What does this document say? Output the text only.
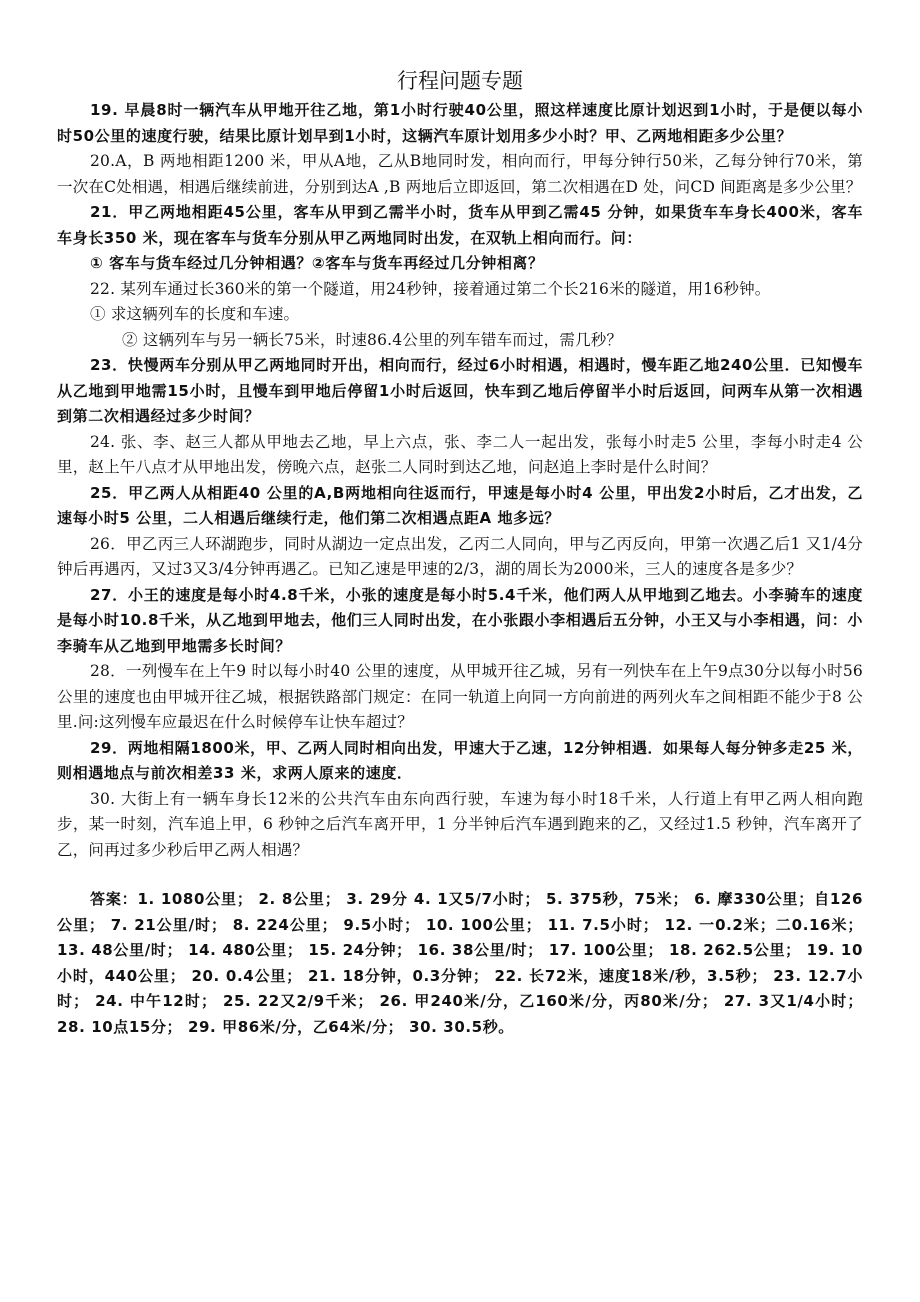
行程问题专题

19. 早晨8时一辆汽车从甲地开往乙地，第1小时行驶40公里，照这样速度比原计划迟到1小时，于是便以每小时50公里的速度行驶，结果比原计划早到1小时，这辆汽车原计划用多少小时？甲、乙两地相距多少公里？

20.A，B 两地相距1200 米，甲从A地，乙从B地同时发，相向而行，甲每分钟行50米，乙每分钟行70米，第一次在C处相遇，相遇后继续前进，分别到达A ,B 两地后立即返回，第二次相遇在D 处，问CD 间距离是多少公里？

21．甲乙两地相距45公里，客车从甲到乙需半小时，货车从甲到乙需45 分钟，如果货车车身长400米，客车车身长350 米，现在客车与货车分别从甲乙两地同时出发，在双轨上相向而行。问：

① 客车与货车经过几分钟相遇？②客车与货车再经过几分钟相离？

22. 某列车通过长360米的第一个隧道，用24秒钟，接着通过第二个长216米的隧道，用16秒钟。

① 求这辆列车的长度和车速。

② 这辆列车与另一辆长75米，时速86.4公里的列车错车而过，需几秒？

23．快慢两车分别从甲乙两地同时开出，相向而行，经过6小时相遇，相遇时，慢车距乙地240公里．已知慢车从乙地到甲地需15小时，且慢车到甲地后停留1小时后返回，快车到乙地后停留半小时后返回，问两车从第一次相遇到第二次相遇经过多少时间？

24. 张、李、赵三人都从甲地去乙地，早上六点，张、李二人一起出发，张每小时走5 公里，李每小时走4 公里，赵上午八点才从甲地出发，傍晚六点，赵张二人同时到达乙地，问赵追上李时是什么时间？

25．甲乙两人从相距40 公里的A,B两地相向往返而行，甲速是每小时4 公里，甲出发2小时后，乙才出发，乙速每小时5 公里，二人相遇后继续行走，他们第二次相遇点距A 地多远？

26．甲乙丙三人环湖跑步，同时从湖边一定点出发，乙丙二人同向，甲与乙丙反向，甲第一次遇乙后1 又1/4分钟后再遇丙，又过3又3/4分钟再遇乙。已知乙速是甲速的2/3，湖的周长为2000米，三人的速度各是多少？

27．小王的速度是每小时4.8千米，小张的速度是每小时5.4千米，他们两人从甲地到乙地去。小李骑车的速度是每小时10.8千米，从乙地到甲地去，他们三人同时出发，在小张跟小李相遇后五分钟，小王又与小李相遇，问：小李骑车从乙地到甲地需多长时间？

28．一列慢车在上午9 时以每小时40 公里的速度，从甲城开往乙城，另有一列快车在上午9点30分以每小时56公里的速度也由甲城开往乙城，根据铁路部门规定：在同一轨道上向同一方向前进的两列火车之间相距不能少于8 公里.问:这列慢车应最迟在什么时候停车让快车超过？

29．两地相隔1800米，甲、乙两人同时相向出发，甲速大于乙速，12分钟相遇．如果每人每分钟多走25 米，则相遇地点与前次相差33 米，求两人原来的速度．

30. 大街上有一辆车身长12米的公共汽车由东向西行驶，车速为每小时18千米，人行道上有甲乙两人相向跑步，某一时刻，汽车追上甲，6 秒钟之后汽车离开甲，1 分半钟后汽车遇到跑来的乙，又经过1.5 秒钟，汽车离开了乙，问再过多少秒后甲乙两人相遇？

答案：1. 1080公里； 2. 8公里； 3. 29分 4. 1又5/7小时； 5. 375秒，75米； 6. 摩330公里；自126公里； 7. 21公里/时； 8. 224公里； 9.5小时； 10. 100公里； 11. 7.5小时； 12. 一0.2米；二0.16米； 13. 48公里/时； 14. 480公里； 15. 24分钟； 16. 38公里/时； 17. 100公里； 18. 262.5公里； 19. 10小时，440公里； 20. 0.4公里； 21. 18分钟，0.3分钟； 22. 长72米，速度18米/秒，3.5秒； 23. 12.7小时； 24. 中午12时； 25. 22又2/9千米； 26. 甲240米/分，乙160米/分，丙80米/分； 27. 3又1/4小时； 28. 10点15分； 29. 甲86米/分，乙64米/分； 30. 30.5秒。
